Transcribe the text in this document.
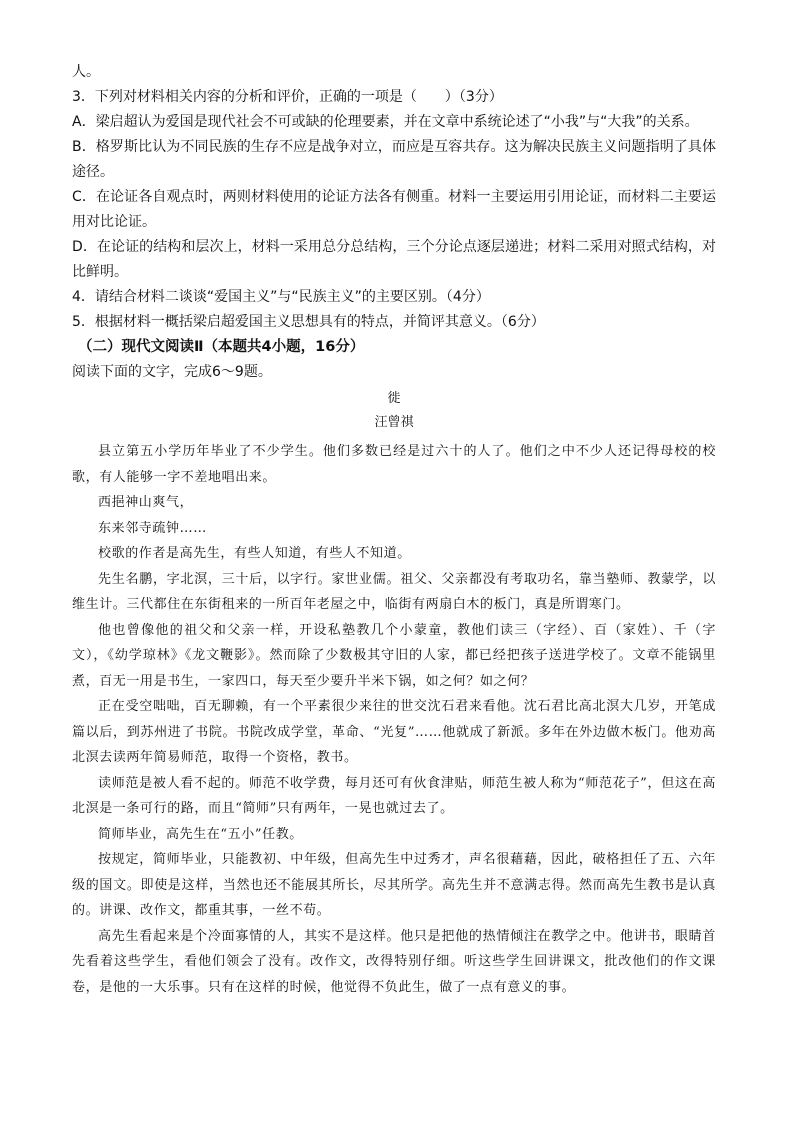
人。

3．下列对材料相关内容的分析和评价，正确的一项是（　　）（3分）

A．梁启超认为爱国是现代社会不可或缺的伦理要素，并在文章中系统论述了“小我”与“大我”的关系。

B．格罗斯比认为不同民族的生存不应是战争对立，而应是互容共存。这为解决民族主义问题指明了具体途径。

C．在论证各自观点时，两则材料使用的论证方法各有侧重。材料一主要运用引用论证，而材料二主要运用对比论证。

D．在论证的结构和层次上，材料一采用总分总结构，三个分论点逐层递进；材料二采用对照式结构，对比鲜明。

4．请结合材料二谈谈“爱国主义”与“民族主义”的主要区别。（4分）

5．根据材料一概括梁启超爱国主义思想具有的特点，并简评其意义。（6分）

（二）现代文阅读Ⅱ（本题共4小题，16分）

阅读下面的文字，完成6～9题。

徙

汪曾祺

县立第五小学历年毕业了不少学生。他们多数已经是过六十的人了。他们之中不少人还记得母校的校歌，有人能够一字不差地唱出来。

西挹神山爽气，

东来邻寺疏钟……

校歌的作者是高先生，有些人知道，有些人不知道。

先生名鹏，字北溟，三十后，以字行。家世业儒。祖父、父亲都没有考取功名，靠当塾师、教蒙学，以维生计。三代都住在东街租来的一所百年老屋之中，临街有两扇白木的板门，真是所谓寒门。

他也曾像他的祖父和父亲一样，开设私塾教几个小蒙童，教他们读三（字经）、百（家姓）、千（字文），《幼学琼林》《龙文鞭影》。然而除了少数极其守旧的人家，都已经把孩子送进学校了。文章不能锅里煮，百无一用是书生，一家四口，每天至少要升半米下锅，如之何？如之何？

正在受空咄咄，百无聊赖，有一个平素很少来往的世交沈石君来看他。沈石君比高北溟大几岁，开笔成篇以后，到苏州进了书院。书院改成学堂，革命、“光复”……他就成了新派。多年在外边做木板门。他劝高北溟去读两年简易师范，取得一个资格，教书。

读师范是被人看不起的。师范不收学费，每月还可有伙食津贴，师范生被人称为“师范花子”，但这在高北溟是一条可行的路，而且“简师”只有两年，一晃也就过去了。

简师毕业，高先生在“五小”任教。

按规定，简师毕业，只能教初、中年级，但高先生中过秀才，声名很藉藉，因此，破格担任了五、六年级的国文。即使是这样，当然也还不能展其所长，尽其所学。高先生并不意满志得。然而高先生教书是认真的。讲课、改作文，都重其事，一丝不苟。

高先生看起来是个冷面寡情的人，其实不是这样。他只是把他的热情倾注在教学之中。他讲书，眼睛首先看着这些学生，看他们领会了没有。改作文，改得特别仔细。听这些学生回讲课文，批改他们的作文课卷，是他的一大乐事。只有在这样的时候，他觉得不负此生，做了一点有意义的事。
